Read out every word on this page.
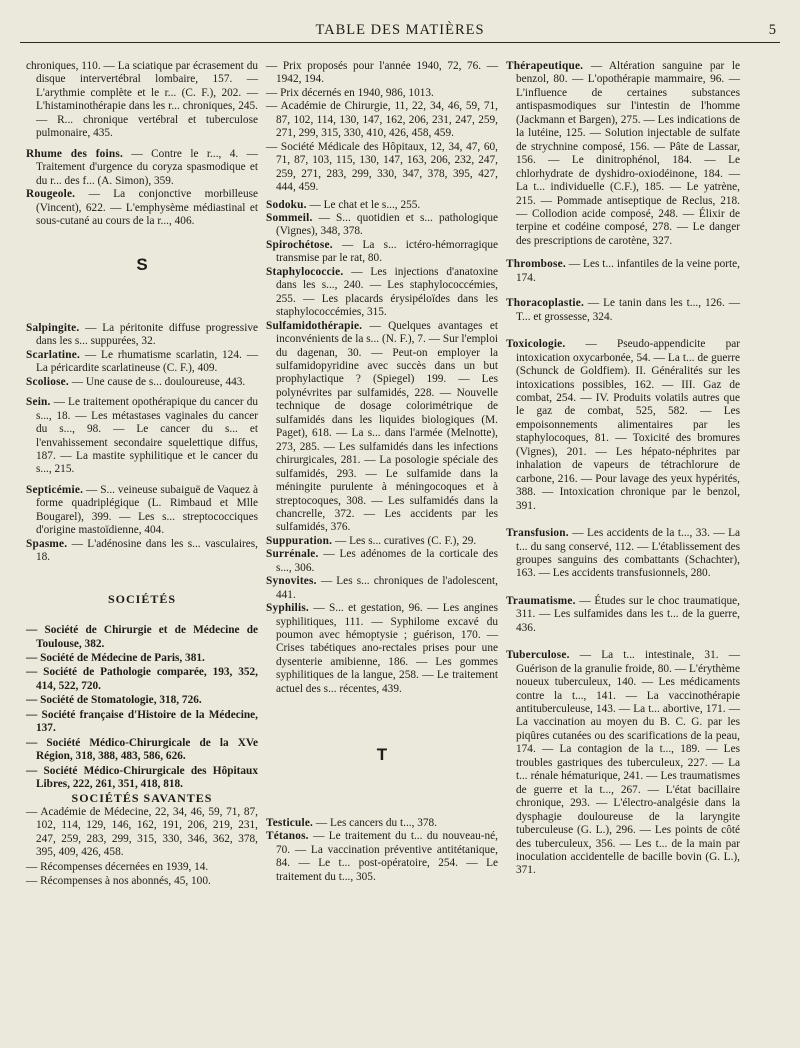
TABLE DES MATIÈRES	5

chroniques, 110. — La sciatique par écrasement du disque intervertébral lombaire, 157. — L'arythmie complète et le r... (C. F.), 202. — L'histaminothérapie dans les r... chroniques, 245. — R... chronique vertébral et tuberculose pulmonaire, 435.

Rhume des foins. — Contre le r..., 4. — Traitement d'urgence du coryza spasmodique et du r... des f... (A. Simon), 359.

Rougeole. — La conjonctive morbilleuse (Vincent), 622. — L'emphysème médiastinal et sous-cutané au cours de la r..., 406.

S

Salpingite. — La péritonite diffuse progressive dans les s... suppurées, 32.

Scarlatine. — Le rhumatisme scarlatin, 124. — La péricardite scarlatineuse (C. F.), 409.

Scoliose. — Une cause de s... douloureuse, 443.

Sein. — Le traitement opothérapique du cancer du s..., 18. — Les métastases vaginales du cancer du s..., 98. — Le cancer du s... et l'envahissement secondaire squelettique diffus, 187. — La mastite syphilitique et le cancer du s..., 215.

Septicémie. — S... veineuse subaiguë de Vaquez à forme quadriplégique (L. Rimbaud et Mlle Bougarel), 399. — Les s... streptococciques d'origine mastoïdienne, 404.

Spasme. — L'adénosine dans les s... vasculaires, 18.

SOCIÉTÉS

— Société de Chirurgie et de Médecine de Toulouse, 382.

— Société de Médecine de Paris, 381.

— Société de Pathologie comparée, 193, 352, 414, 522, 720.

— Société de Stomatologie, 318, 726.

— Société française d'Histoire de la Médecine, 137.

— Société Médico-Chirurgicale de la XVe Région, 318, 388, 483, 586, 626.

— Société Médico-Chirurgicale des Hôpitaux Libres, 222, 261, 351, 418, 818.

SOCIÉTÉS SAVANTES

— Académie de Médecine, 22, 34, 46, 59, 71, 87, 102, 114, 129, 146, 162, 191, 206, 219, 231, 247, 259, 283, 299, 315, 330, 346, 362, 378, 395, 409, 426, 458.

— Récompenses décernées en 1939, 14.

— Récompenses à nos abonnés, 45, 100.

— Prix proposés pour l'année 1940, 72, 76. — 1942, 194.

— Prix décernés en 1940, 986, 1013.

— Académie de Chirurgie, 11, 22, 34, 46, 59, 71, 87, 102, 114, 130, 147, 162, 206, 231, 247, 259, 271, 299, 315, 330, 410, 426, 458, 459.

— Société Médicale des Hôpitaux, 12, 34, 47, 60, 71, 87, 103, 115, 130, 147, 163, 206, 232, 247, 259, 271, 283, 299, 330, 347, 378, 395, 427, 444, 459.

Sodoku. — Le chat et le s..., 255.

Sommeil. — S... quotidien et s... pathologique (Vignes), 348, 378.

Spirochétose. — La s... ictéro-hémorragique transmise par le rat, 80.

Staphylococcie. — Les injections d'anatoxine dans les s..., 240. — Les staphylococcémies, 255. — Les placards érysipéloïdes dans les staphylococcémies, 315.

Sulfamidothérapie. — Quelques avantages et inconvénients de la s... (N. F.), 7. — Sur l'emploi du dagenan, 30. — Peut-on employer la sulfamidopyridine avec succès dans un but prophylactique ? (Spiegel) 199. — Les polynévrites par sulfamidés, 228. — Nouvelle technique de dosage colorimétrique de sulfamidés dans les liquides biologiques (M. Paget), 618. — La s... dans l'armée (Melnotte), 273, 285. — Les sulfamidés dans les infections chirurgicales, 281. — La posologie spéciale des sulfamidés, 293. — Le sulfamide dans la méningite purulente à méningocoques et à streptocoques, 308. — Les sulfamidés dans la chancrelle, 372. — Les accidents par les sulfamidés, 376.

Suppuration. — Les s... curatives (C. F.), 29.

Surrénale. — Les adénomes de la corticale des s..., 306.

Synovites. — Les s... chroniques de l'adolescent, 441.

Syphilis. — S... et gestation, 96. — Les angines syphilitiques, 111. — Syphilome excavé du poumon avec hémoptysie ; guérison, 170. — Crises tabétiques ano-rectales prises pour une dysenterie amibienne, 186. — Les gommes syphilitiques de la langue, 258. — Le traitement actuel des s... récentes, 439.

T

Testicule. — Les cancers du t..., 378.

Tétanos. — Le traitement du t... du nouveau-né, 70. — La vaccination préventive antitétanique, 84. — Le t... post-opératoire, 254. — Le traitement du t..., 305.

Thérapeutique. — Altération sanguine par le benzol, 80. — L'opothérapie mammaire, 96. — L'influence de certaines substances antispasmodiques sur l'intestin de l'homme (Jackmann et Bargen), 275. — Les indications de la lutéine, 125. — Solution injectable de sulfate de strychnine composé, 156. — Pâte de Lassar, 156. — Le dinitrophénol, 184. — Le chlorhydrate de dyshidro-oxiodéinone, 184. — La t... individuelle (C.F.), 185. — Le yatrène, 215. — Pommade antiseptique de Reclus, 218. — Collodion acide composé, 248. — Élixir de terpine et codéine composé, 278. — Le danger des prescriptions de carotène, 327.

Thrombose. — Les t... infantiles de la veine porte, 174.

Thoracoplastie. — Le tanin dans les t..., 126. — T... et grossesse, 324.

Toxicologie. — Pseudo-appendicite par intoxication oxycarbonée, 54. — La t... de guerre (Schunck de Goldfiem). II. Généralités sur les intoxications possibles, 162. — III. Gaz de combat, 254. — IV. Produits volatils autres que le gaz de combat, 525, 582. — Les empoisonnements alimentaires par les staphylocoques, 81. — Toxicité des bromures (Vignes), 201. — Les hépato-néphrites par inhalation de vapeurs de tétrachlorure de carbone, 216. — Pour lavage des yeux hypérités, 388. — Intoxication chronique par le benzol, 391.

Transfusion. — Les accidents de la t..., 33. — La t... du sang conservé, 112. — L'établissement des groupes sanguins des combattants (Schachter), 163. — Les accidents transfusionnels, 280.

Traumatisme. — Études sur le choc traumatique, 311. — Les sulfamides dans les t... de la guerre, 436.

Tuberculose. — La t... intestinale, 31. — Guérison de la granulie froide, 80. — L'érythème noueux tuberculeux, 140. — Les médicaments contre la t..., 141. — La vaccinothérapie antituberculeuse, 143. — La t... abortive, 171. — La vaccination au moyen du B. C. G. par les piqûres cutanées ou des scarifications de la peau, 174. — La contagion de la t..., 189. — Les troubles gastriques des tuberculeux, 227. — La t... rénale hématurique, 241. — Les traumatismes de guerre et la t..., 267. — L'état bacillaire chronique, 293. — L'électro-analgésie dans la dysphagie douloureuse de la laryngite tuberculeuse (G. L.), 296. — Les points de côté des tuberculeux, 356. — Les t... de la main par inoculation accidentelle de bacille bovin (G. L.), 371.
